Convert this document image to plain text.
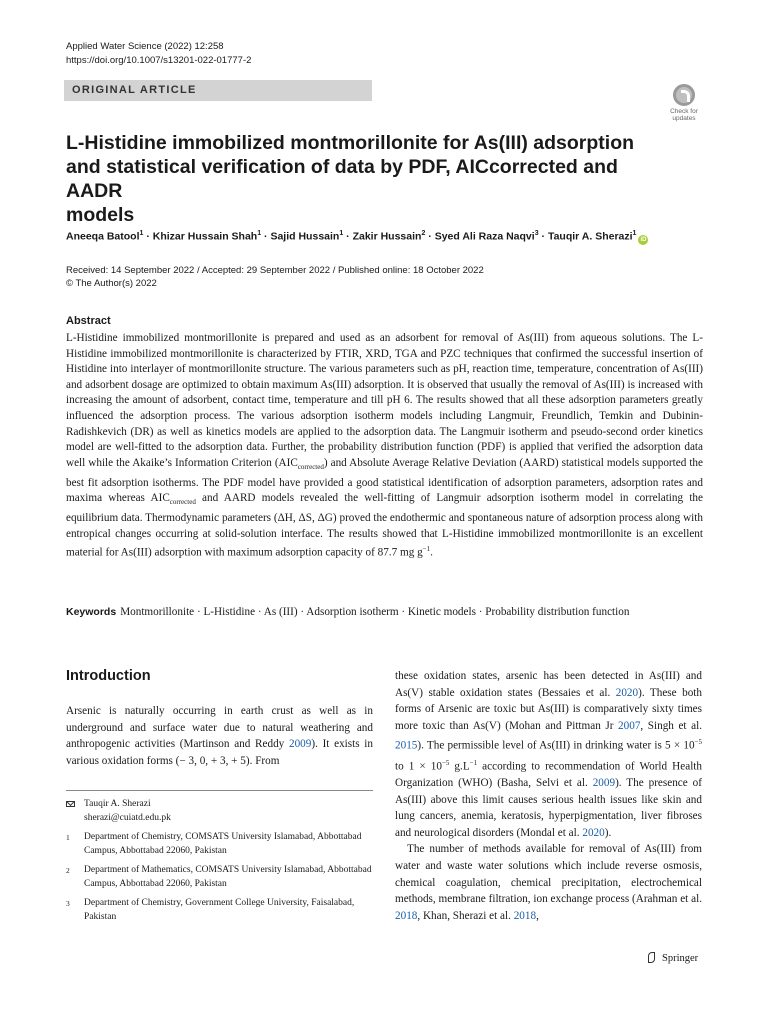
Applied Water Science (2022) 12:258
https://doi.org/10.1007/s13201-022-01777-2
ORIGINAL ARTICLE
Check for
updates
L-Histidine immobilized montmorillonite for As(III) adsorption
and statistical verification of data by PDF, AICcorrected and AADR
models
Aneeqa Batool$^1$ · Khizar Hussain Shah$^1$ · Sajid Hussain$^1$ · Zakir Hussain$^2$ · Syed Ali Raza Naqvi$^3$ · Tauqir A. Sherazi$^1$iD
Received: 14 September 2022 / Accepted: 29 September 2022 / Published online: 18 October 2022
© The Author(s) 2022
Abstract

L-Histidine immobilized montmorillonite is prepared and used as an adsorbent for removal of As(III) from aqueous solutions. The L-Histidine immobilized montmorillonite is characterized by FTIR, XRD, TGA and PZC techniques that confirmed the successful insertion of Histidine into interlayer of montmorillonite structure. The various parameters such as pH, reaction time, temperature, concentration of As(III) and adsorbent dosage are optimized to obtain maximum As(III) adsorption. It is observed that usually the removal of As(III) is increased with increasing the amount of adsorbent, contact time, temperature and till pH 6. The results showed that all these adsorption parameters greatly influenced the adsorption process. The various adsorption isotherm models including Langmuir, Freundlich, Temkin and Dubinin-Radishkevich (DR) as well as kinetics models are applied to the adsorption data. The Langmuir isotherm and pseudo-second order kinetics model are well-fitted to the adsorption data. Further, the probability distribution function (PDF) is applied that verified the adsorption data well while the Akaike’s Information Criterion $(AIC_{corrected})$ and Absolute Average Relative Deviation (AARD) statistical models supported the best fit adsorption isotherms. The PDF model have provided a good statistical identification of adsorption parameters, adsorption rates and maxima whereas $AIC_{corrected}$ and AARD models revealed the well-fitting of Langmuir adsorption isotherm model in correlating the equilibrium data. Thermodynamic parameters (ΔH, ΔS, ΔG) proved the endothermic and spontaneous nature of adsorption process along with entropical changes occurring at solid-solution interface. The results showed that L-Histidine immobilized montmorillonite is an excellent material for As(III) adsorption with maximum adsorption capacity of 87.7 mg $g^{-1}$.

Keywords Montmorillonite · L-Histidine · As (III) · Adsorption isotherm · Kinetic models · Probability distribution function
Introduction

Arsenic is naturally occurring in earth crust as well as in underground and surface water due to natural weathering and anthropogenic activities (Martinson and Reddy 2009). It exists in various oxidation forms (− 3, 0, + 3, + 5). From

these oxidation states, arsenic has been detected in As(III) and As(V) stable oxidation states (Bessaies et al. 2020). These both forms of Arsenic are toxic but As(III) is comparatively sixty times more toxic than As(V) (Mohan and Pittman Jr 2007, Singh et al. 2015). The permissible level of As(III) in drinking water is $5 \times 10^{-5}$ to $1 \times 10^{-5}$ $g.L^{-1}$ according to recommendation of World Health Organization (WHO) (Basha, Selvi et al. 2009). The presence of As(III) above this limit causes serious health issues like skin and lung cancers, anemia, keratosis, hyperpigmentation, liver fibroses and neurological disorders (Mondal et al. 2020).

The number of methods available for removal of As(III) from water and waste water solutions which include reverse osmosis, chemical coagulation, chemical precipitation, electrochemical methods, membrane filtration, ion exchange process (Arahman et al. 2018, Khan, Sherazi et al. 2018,

Tauqir A. Sherazi
sherazi@cuiatd.edu.pk
1 Department of Chemistry, COMSATS University Islamabad, Abbottabad Campus, Abbottabad 22060, Pakistan
2 Department of Mathematics, COMSATS University Islamabad, Abbottabad Campus, Abbottabad 22060, Pakistan
3 Department of Chemistry, Government College University, Faisalabad, Pakistan
Springer
